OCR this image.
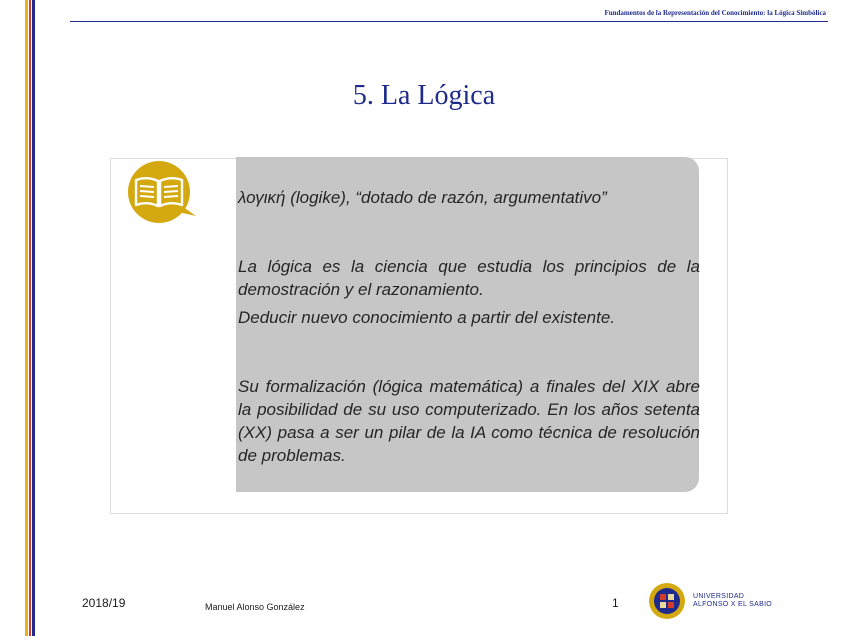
Fundamentos de la Representación del Conocimiento: la Lógica Simbólica
5. La Lógica

λογική (logike), “dotado de razón, argumentativo”

La lógica es la ciencia que estudia los principios de la demostración y el razonamiento.

Deducir nuevo conocimiento a partir del existente.

Su formalización (lógica matemática) a finales del XIX abre la posibilidad de su uso computerizado. En los años setenta (XX) pasa a ser un pilar de la IA como técnica de resolución de problemas.

2018/19	Manuel Alonso González	1	UNIVERSIDAD
ALFONSO X EL SABIO
